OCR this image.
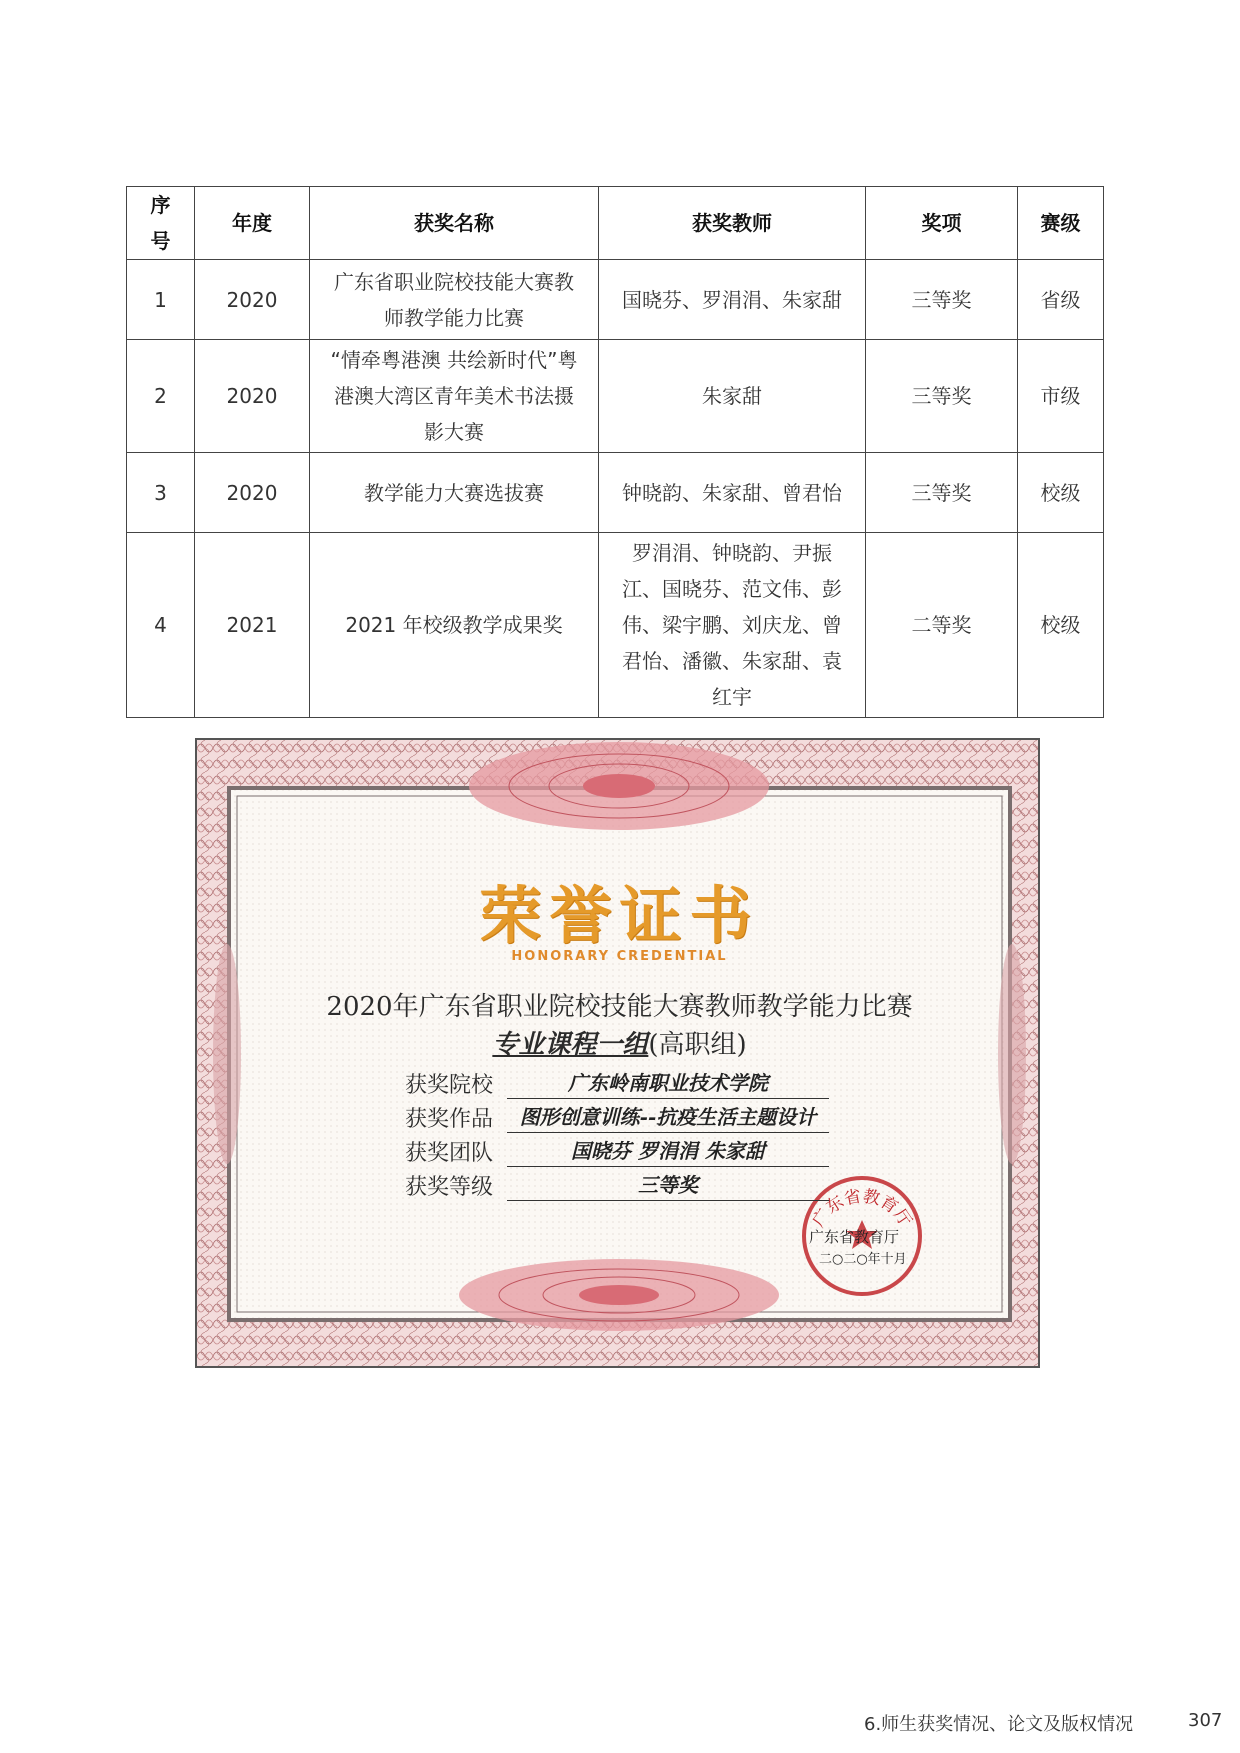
序号	年度	获奖名称	获奖教师	奖项	赛级
1	2020	广东省职业院校技能大赛教师教学能力比赛	国晓芬、罗涓涓、朱家甜	三等奖	省级
2	2020	“情牵粤港澳 共绘新时代”粤港澳大湾区青年美术书法摄影大赛	朱家甜	三等奖	市级
3	2020	教学能力大赛选拔赛	钟晓韵、朱家甜、曾君怡	三等奖	校级
4	2021	2021 年校级教学成果奖	罗涓涓、钟晓韵、尹振江、国晓芬、范文伟、彭伟、梁宇鹏、刘庆龙、曾君怡、潘徽、朱家甜、袁红宇	二等奖	校级
广东省教育厅
荣誉证书
HONORARY CREDENTIAL
2020年广东省职业院校技能大赛教师教学能力比赛
专业课程一组(高职组)
获奖院校	广东岭南职业技术学院
获奖作品	图形创意训练--抗疫生活主题设计
获奖团队	国晓芬 罗涓涓 朱家甜
获奖等级	三等奖
广东省教育厅
二○二○年十月
6.师生获奖情况、论文及版权情况	307
